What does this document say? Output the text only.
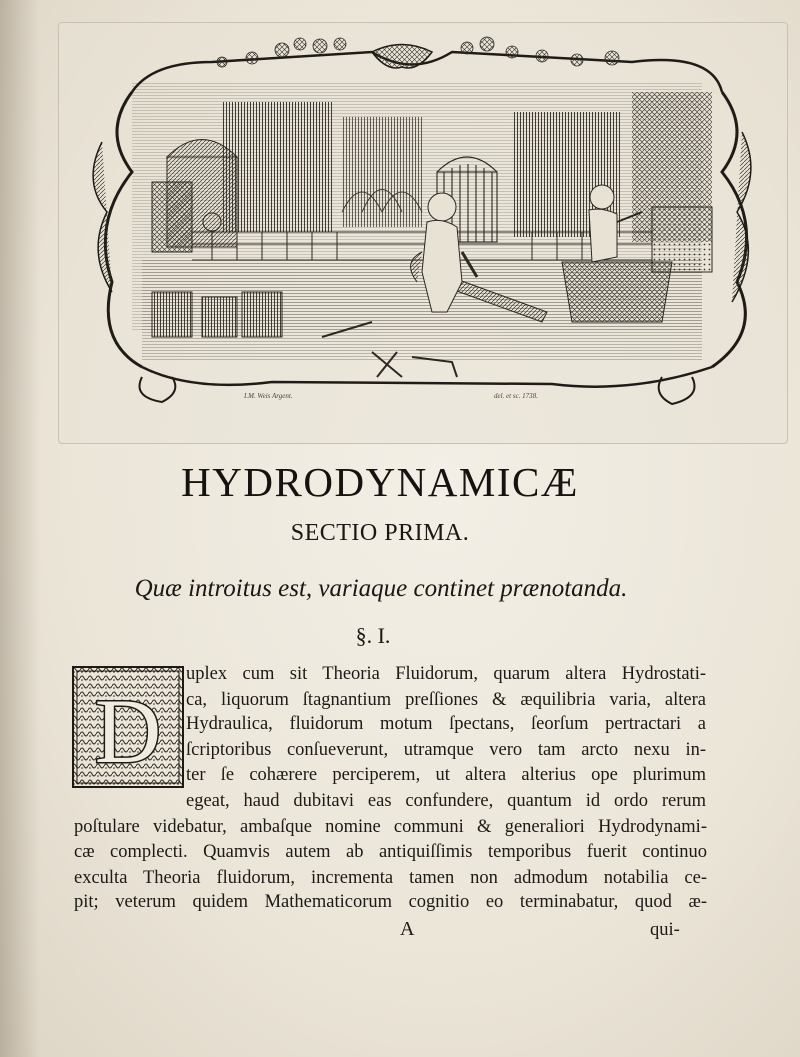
I.M. Weis Argent.	del. et sc. 1738.
HYDRODYNAMICÆ
SECTIO PRIMA.
Quæ introitus est, variaque continet prænotanda.
§. I.
D
uplex cum sit Theoria Fluidorum, quarum altera Hydrostati-
ca, liquorum ſtagnantium preſſiones & æquilibria varia, altera
Hydraulica, fluidorum motum ſpectans, ſeorſum pertractari a
ſcriptoribus conſueverunt, utramque vero tam arcto nexu in-
ter ſe cohærere perciperem, ut altera alterius ope plurimum
egeat, haud dubitavi eas confundere, quantum id ordo rerum
poſtulare videbatur, ambaſque nomine communi & generaliori Hydrodynami-
cæ complecti. Quamvis autem ab antiquiſſimis temporibus fuerit continuo
exculta Theoria fluidorum, incrementa tamen non admodum notabilia ce-
pit; veterum quidem Mathematicorum cognitio eo terminabatur, quod æ-
A	qui-
